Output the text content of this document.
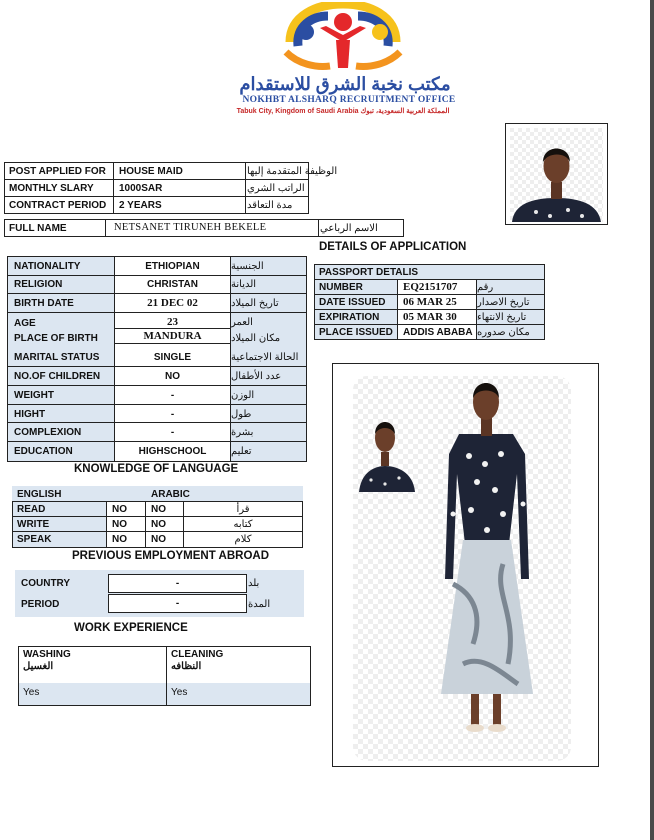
مكتب نخبة الشرق للاستقدام
NOKHBT ALSHARQ RECRUITMENT OFFICE
Tabuk City, Kingdom of Saudi Arabia المملكة العربية السعودية، تبوك
POST APPLIED FOR	HOUSE MAID	الوظيفة المتقدمة إليها
MONTHLY SLARY	1000SAR	الراتب الشري
CONTRACT PERIOD	2 YEARS	مدة التعاقد
FULL NAME	NETSANET TIRUNEH BEKELE	الاسم الرباعي
DETAILS OF APPLICATION
NATIONALITY	ETHIOPIAN	الجنسية
RELIGION	CHRISTAN	الديانة
BIRTH DATE	21 DEC 02	تاريخ الميلاد
AGE	23	العمر
PLACE OF BIRTH	MANDURA	مكان الميلاد
MARITAL STATUS	SINGLE	الحالة الاجتماعية
NO.OF CHILDREN	NO	عدد الأطفال
WEIGHT	-	الوزن
HIGHT	-	طول
COMPLEXION	-	بشرة
EDUCATION	HIGHSCHOOL	تعليم
PASSPORT DETALIS
NUMBER	EQ2151707	رقم
DATE ISSUED	06 MAR 25	تاريخ الاصدار
EXPIRATION	05 MAR 30	تاريخ الانتهاء
PLACE ISSUED	ADDIS ABABA مكان صدوره
KNOWLEDGE OF LANGUAGE
ENGLISH	ARABIC
READ	NO	NO	قرأ
WRITE	NO	NO	كتابه
SPEAK	NO	NO	كلام
PREVIOUS EMPLOYMENT ABROAD
COUNTRY	-	بلد
PERIOD	-	المدة
WORK EXPERIENCE
WASHING
الغسيل
Yes
CLEANING
النظافه
Yes
